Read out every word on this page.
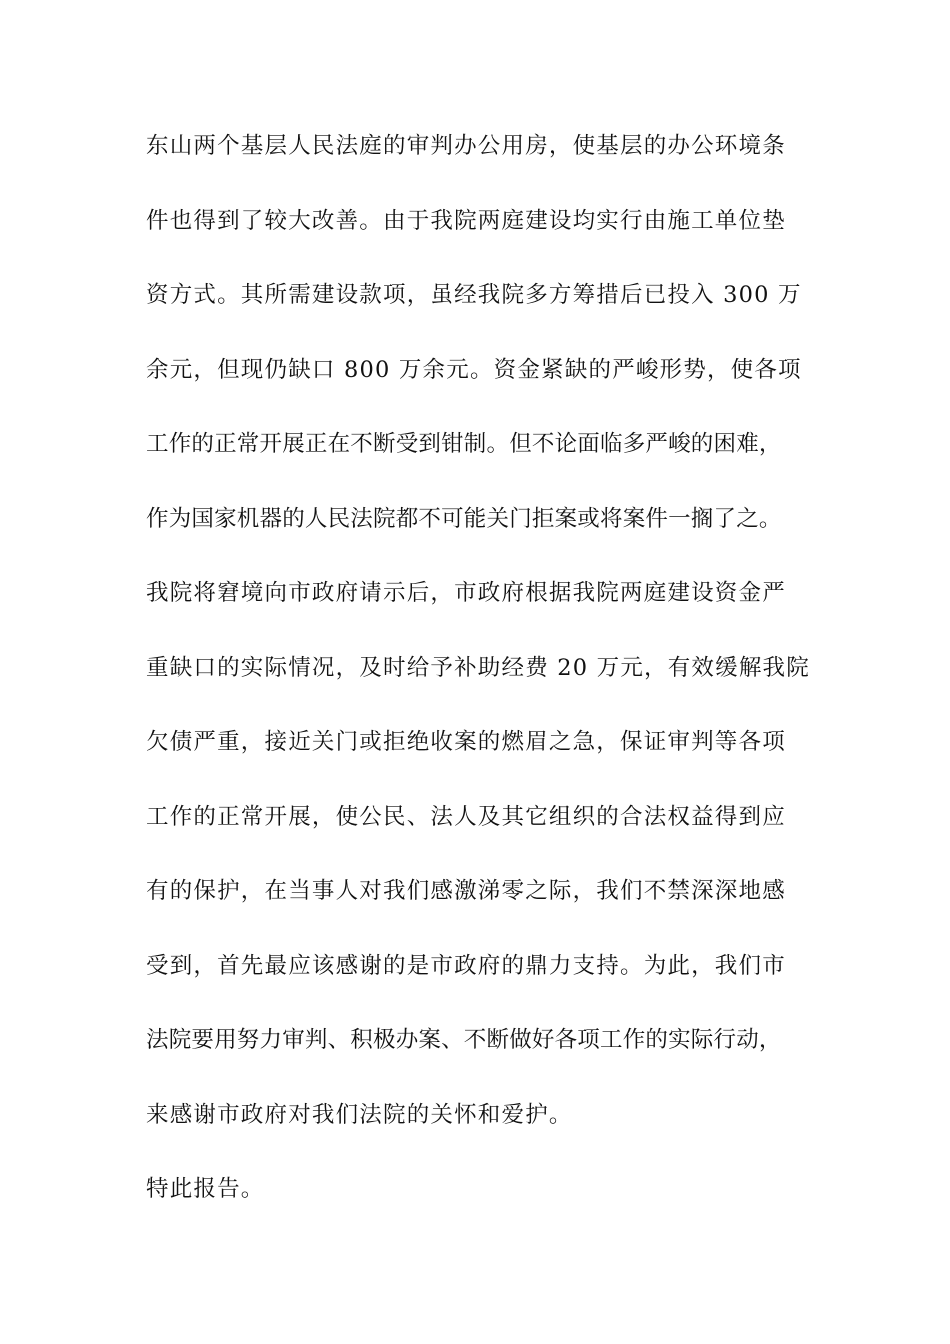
东山两个基层人民法庭的审判办公用房，使基层的办公环境条
件也得到了较大改善。由于我院两庭建设均实行由施工单位垫
资方式。其所需建设款项，虽经我院多方筹措后已投入 300 万
余元，但现仍缺口 800 万余元。资金紧缺的严峻形势，使各项
工作的正常开展正在不断受到钳制。但不论面临多严峻的困难，
作为国家机器的人民法院都不可能关门拒案或将案件一搁了之。
我院将窘境向市政府请示后，市政府根据我院两庭建设资金严
重缺口的实际情况，及时给予补助经费 20 万元，有效缓解我院
欠债严重，接近关门或拒绝收案的燃眉之急，保证审判等各项
工作的正常开展，使公民、法人及其它组织的合法权益得到应
有的保护，在当事人对我们感激涕零之际，我们不禁深深地感
受到，首先最应该感谢的是市政府的鼎力支持。为此，我们市
法院要用努力审判、积极办案、不断做好各项工作的实际行动，
来感谢市政府对我们法院的关怀和爱护。
特此报告。
